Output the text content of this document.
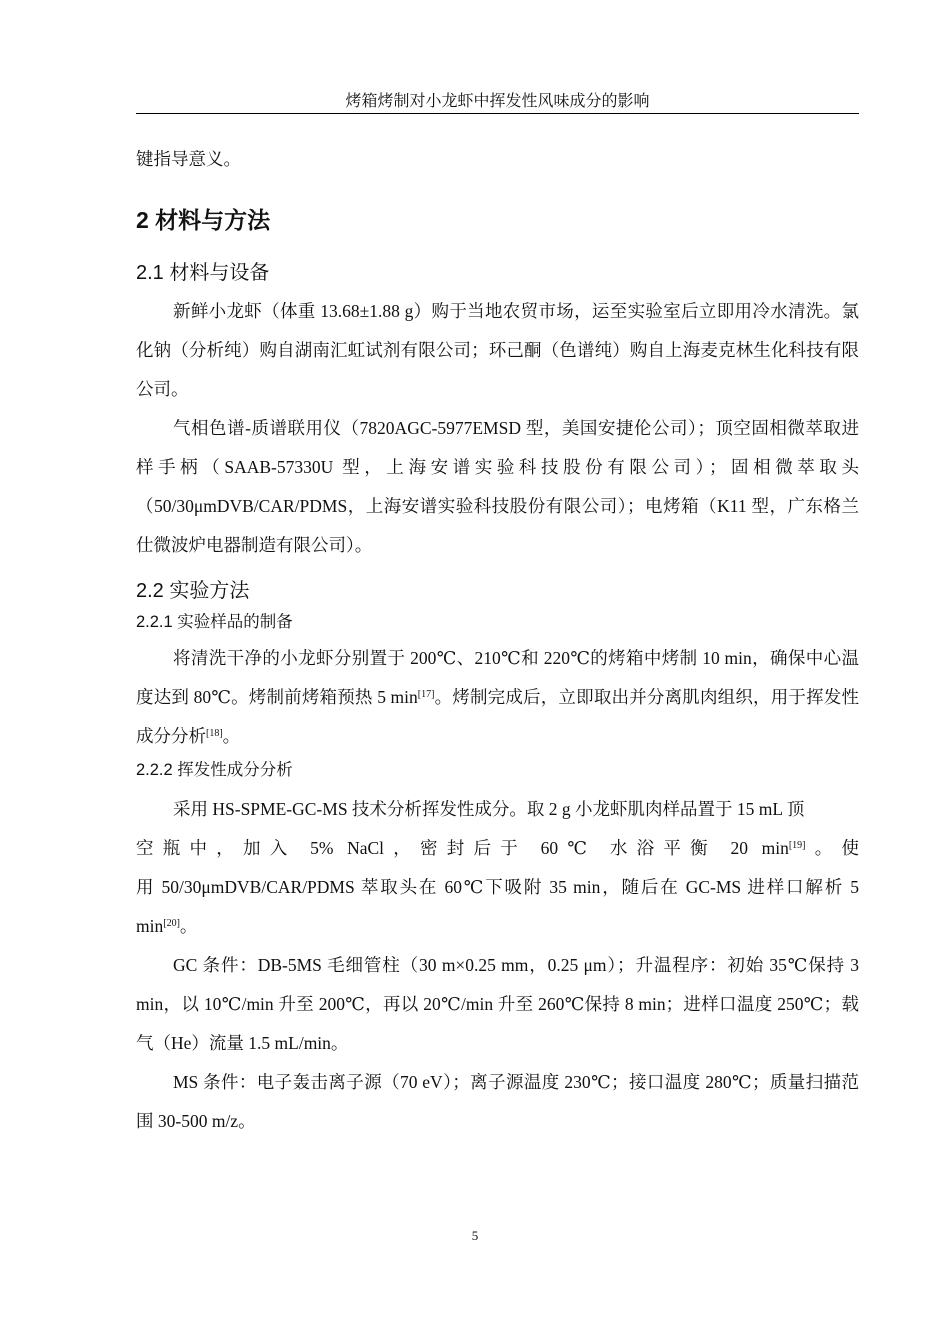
烤箱烤制对小龙虾中挥发性风味成分的影响

键指导意义。

2 材料与方法
2.1 材料与设备

新鲜小龙虾（体重 13.68±1.88 g）购于当地农贸市场，运至实验室后立即用冷水清洗。氯化钠（分析纯）购自湖南汇虹试剂有限公司；环己酮（色谱纯）购自上海麦克林生化科技有限公司。

气相色谱-质谱联用仪（7820AGC-5977EMSD 型，美国安捷伦公司）；顶空固相微萃取进样手柄（SAAB-57330U 型，上海安谱实验科技股份有限公司）；固相微萃取头（50/30μmDVB/CAR/PDMS，上海安谱实验科技股份有限公司）；电烤箱（K11 型，广东格兰仕微波炉电器制造有限公司）。

2.2 实验方法
2.2.1 实验样品的制备

将清洗干净的小龙虾分别置于 200℃、210℃和 220℃的烤箱中烤制 10 min，确保中心温度达到 80℃。烤制前烤箱预热 5 min[17]。烤制完成后，立即取出并分离肌肉组织，用于挥发性成分分析[18]。

2.2.2 挥发性成分分析

采用 HS-SPME-GC-MS 技术分析挥发性成分。取 2 g 小龙虾肌肉样品置于 15 mL 顶

空瓶中，加入 5% NaCl，密封后于 60℃ 水浴平衡 20 min[19]。使

用 50/30μmDVB/CAR/PDMS 萃取头在 60℃下吸附 35 min，随后在 GC-MS 进样口解析 5 min[20]。

GC 条件：DB-5MS 毛细管柱（30 m×0.25 mm，0.25 μm）；升温程序：初始 35℃保持 3 min，以 10℃/min 升至 200℃，再以 20℃/min 升至 260℃保持 8 min；进样口温度 250℃；载气（He）流量 1.5 mL/min。

MS 条件：电子轰击离子源（70 eV）；离子源温度 230℃；接口温度 280℃；质量扫描范围 30-500 m/z。

5
